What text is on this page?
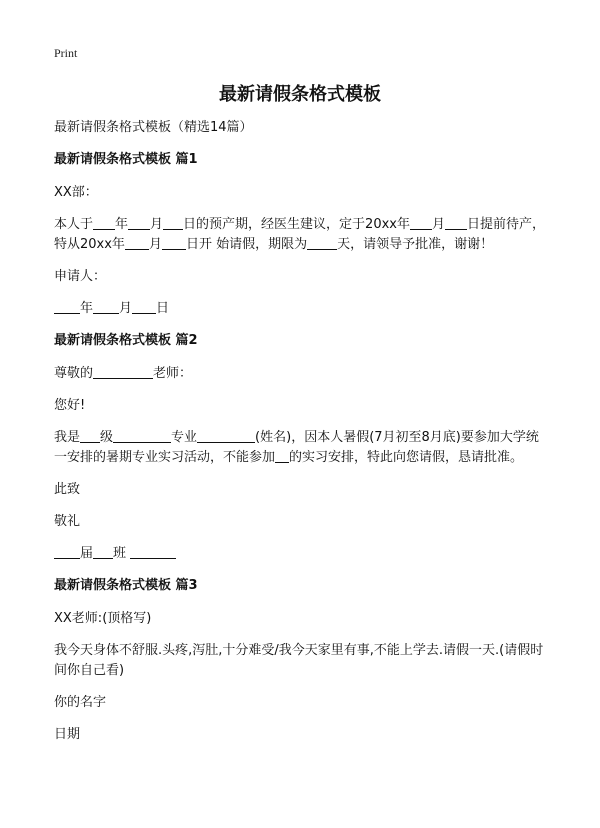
Print
最新请假条格式模板

最新请假条格式模板（精选14篇）

最新请假条格式模板 篇1

XX部：

本人于 年 月 日的预产期，经医生建议，定于20xx年 月 日提前待产，特从20xx年 月 日开 始请假，期限为 天，请领导予批准，谢谢！

申请人：

年 月 日

最新请假条格式模板 篇2

尊敬的	老师：

您好!

我是 级	专业	(姓名)，因本人暑假(7月初至8月底)要参加大学统一安排的暑期专业实习活动，不能参加 的实习安排，特此向您请假，恳请批准。

此致

敬礼

届 班

最新请假条格式模板 篇3

XX老师:(顶格写)

我今天身体不舒服.头疼,泻肚,十分难受/我今天家里有事,不能上学去.请假一天.(请假时间你自己看)

你的名字

日期
